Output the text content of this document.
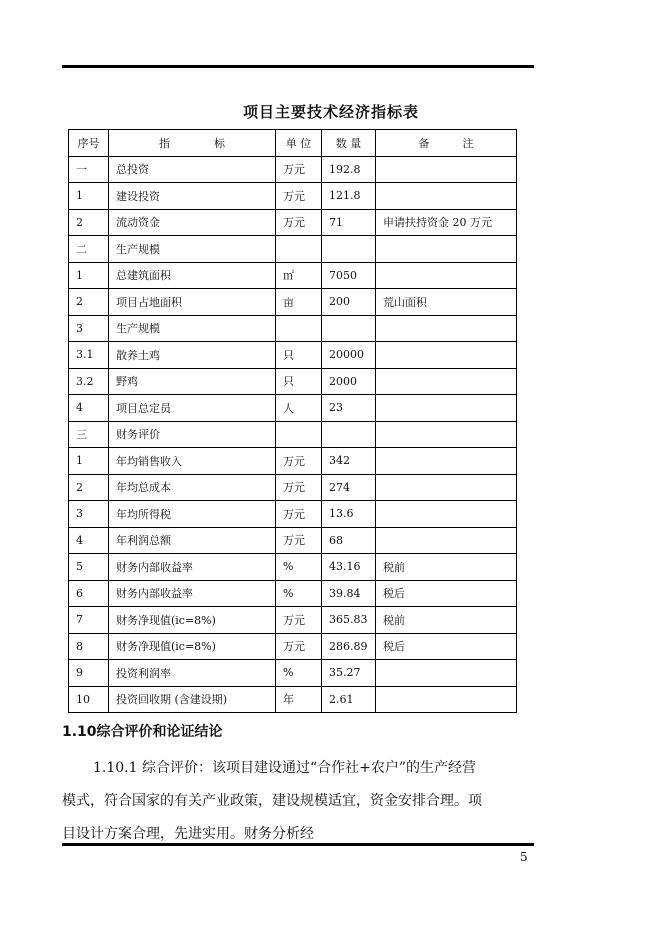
项目主要技术经济指标表
序号	指　　　　标	单 位	数 量	备　　　注
一	总投资	万元	192.8	
1	建设投资	万元	121.8	
2	流动资金	万元	71	申请扶持资金 20 万元
二	生产规模			
1	总建筑面积	㎡	7050	
2	项目占地面积	亩	200	荒山面积
3	生产规模			
3.1	散养土鸡	只	20000	
3.2	野鸡	只	2000	
4	项目总定员	人	23	
三	财务评价			
1	年均销售收入	万元	342	
2	年均总成本	万元	274	
3	年均所得税	万元	13.6	
4	年利润总额	万元	68	
5	财务内部收益率	%	43.16	税前
6	财务内部收益率	%	39.84	税后
7	财务净现值(ic=8%)	万元	365.83	税前
8	财务净现值(ic=8%)	万元	286.89	税后
9	投资利润率	%	35.27	
10	投资回收期 (含建设期)	年	2.61	
1.10综合评价和论证结论
1.10.1 综合评价：该项目建设通过“合作社+农户”的生产经营
模式，符合国家的有关产业政策，建设规模适宜，资金安排合理。项
目设计方案合理，先进实用。财务分析经
5
